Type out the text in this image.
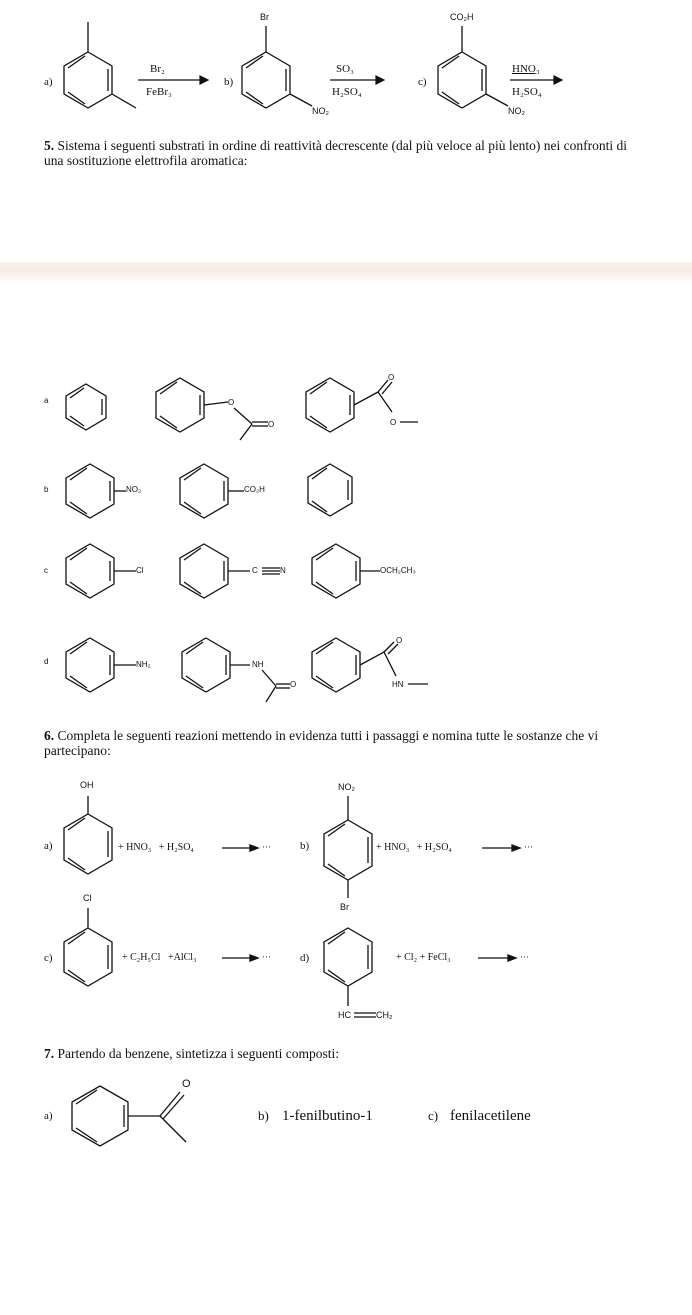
a)
Br₂
FeBr₃
b)
Br
NO₂
SO₃
H₂SO₄
c)
CO₂H
NO₂
HNO₃
H₂SO₄
5. Sistema i seguenti substrati in ordine di reattività decrescente (dal più veloce al più lento) nei confronti di una sostituzione elettrofila aromatica:
a
b
c
d
O
O
O
O
NO₂	CO₂H
Cl	C	N	OCH₂CH₃
NH₂	NH
O
O
HN
6. Completa le seguenti reazioni mettendo in evidenza tutti i passaggi e nomina tutte le sostanze che vi partecipano:
a)
OH
+ HNO₃   + H₂SO₄	···	b)
NO₂
Br
+ HNO₃   + H₂SO₄	···
c)
Cl
+ C₂H₅Cl   +AlCl₃	···	d)	+ Cl₂ + FeCl₃	···
HC	CH₂
7. Partendo da benzene, sintetizza i seguenti composti:
a)
O
b) 1-fenilbutino-1	c) fenilacetilene
